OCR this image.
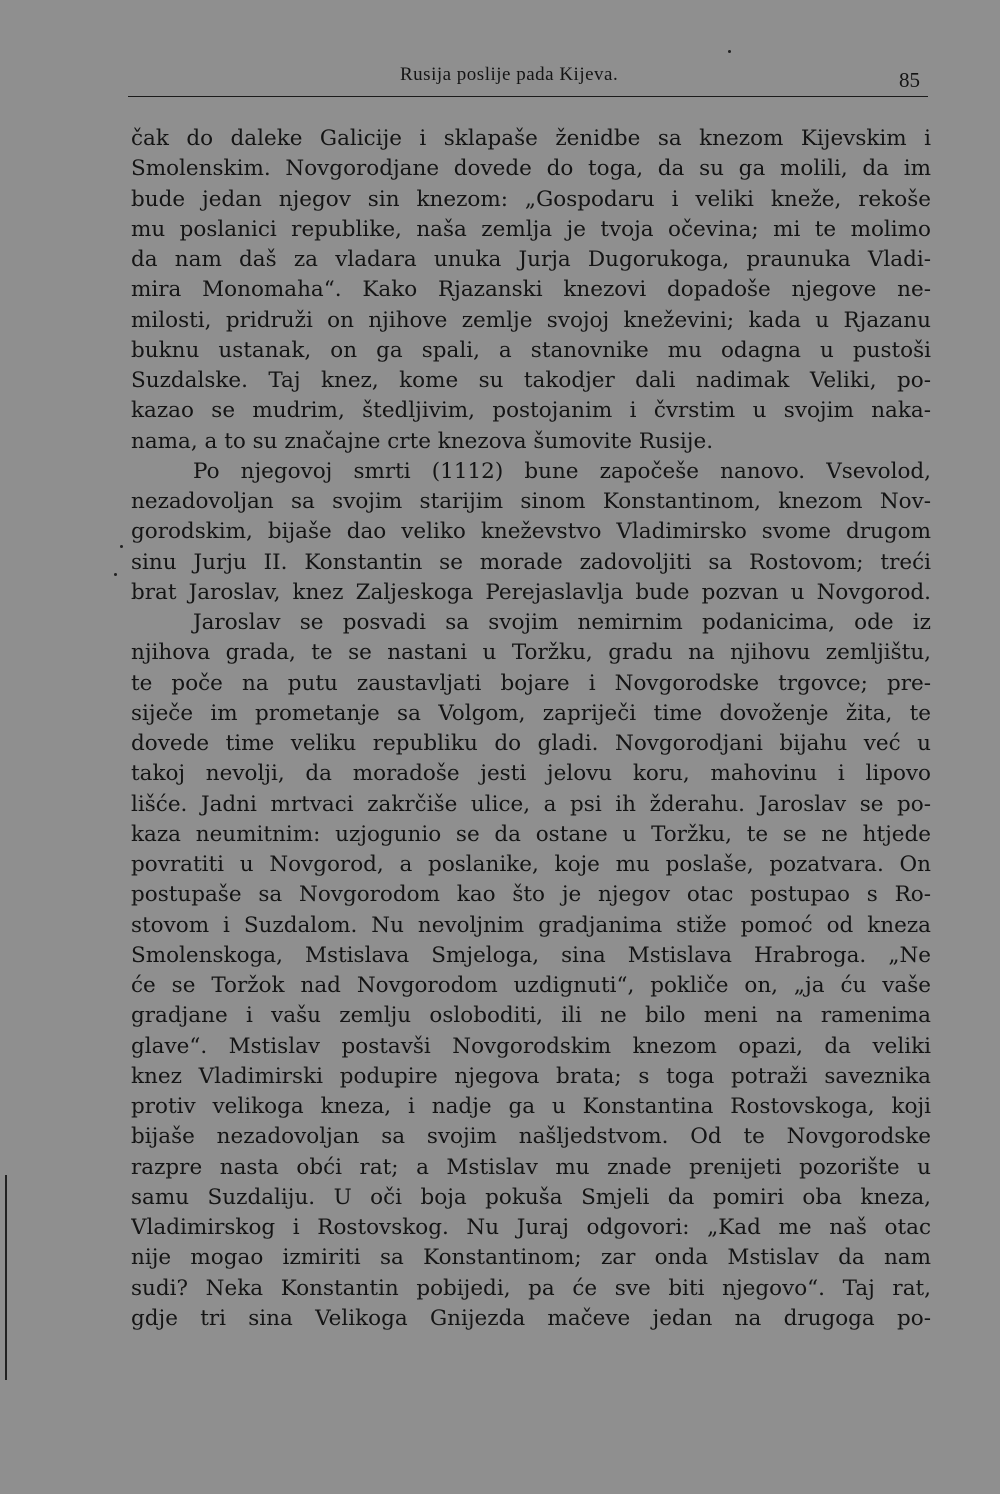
Rusija poslije pada Kijeva.	85
čak do daleke Galicije i sklapaše ženidbe sa knezom Kijevskim i
Smolenskim. Novgorodjane dovede do toga, da su ga molili, da im
bude jedan njegov sin knezom: „Gospodaru i veliki kneže, rekoše
mu poslanici republike, naša zemlja je tvoja očevina; mi te molimo
da nam daš za vladara unuka Jurja Dugorukoga, praunuka Vladi-
mira Monomaha“. Kako Rjazanski knezovi dopadoše njegove ne-
milosti, pridruži on njihove zemlje svojoj kneževini; kada u Rjazanu
buknu ustanak, on ga spali, a stanovnike mu odagna u pustoši
Suzdalske. Taj knez, kome su takodjer dali nadimak Veliki, po-
kazao se mudrim, štedljivim, postojanim i čvrstim u svojim naka-
nama, a to su značajne crte knezova šumovite Rusije.
Po njegovoj smrti (1112) bune započeše nanovo. Vsevolod,
nezadovoljan sa svojim starijim sinom Konstantinom, knezom Nov-
gorodskim, bijaše dao veliko kneževstvo Vladimirsko svome drugom
sinu Jurju II. Konstantin se morade zadovoljiti sa Rostovom; treći
brat Jaroslav, knez Zaljeskoga Perejaslavlja bude pozvan u Novgorod.
Jaroslav se posvadi sa svojim nemirnim podanicima, ode iz
njihova grada, te se nastani u Toržku, gradu na njihovu zemljištu,
te poče na putu zaustavljati bojare i Novgorodske trgovce; pre-
siječe im prometanje sa Volgom, zapriječi time dovoženje žita, te
dovede time veliku republiku do gladi. Novgorodjani bijahu već u
takoj nevolji, da moradoše jesti jelovu koru, mahovinu i lipovo
lišće. Jadni mrtvaci zakrčiše ulice, a psi ih žderahu. Jaroslav se po-
kaza neumitnim: uzjogunio se da ostane u Toržku, te se ne htjede
povratiti u Novgorod, a poslanike, koje mu poslaše, pozatvara. On
postupaše sa Novgorodom kao što je njegov otac postupao s Ro-
stovom i Suzdalom. Nu nevoljnim gradjanima stiže pomoć od kneza
Smolenskoga, Mstislava Smjeloga, sina Mstislava Hrabroga. „Ne
će se Toržok nad Novgorodom uzdignuti“, pokliče on, „ja ću vaše
gradjane i vašu zemlju osloboditi, ili ne bilo meni na ramenima
glave“. Mstislav postavši Novgorodskim knezom opazi, da veliki
knez Vladimirski podupire njegova brata; s toga potraži saveznika
protiv velikoga kneza, i nadje ga u Konstantina Rostovskoga, koji
bijaše nezadovoljan sa svojim našljedstvom. Od te Novgorodske
razpre nasta obći rat; a Mstislav mu znade prenijeti pozorište u
samu Suzdaliju. U oči boja pokuša Smjeli da pomiri oba kneza,
Vladimirskog i Rostovskog. Nu Juraj odgovori: „Kad me naš otac
nije mogao izmiriti sa Konstantinom; zar onda Mstislav da nam
sudi? Neka Konstantin pobijedi, pa će sve biti njegovo“. Taj rat,
gdje tri sina Velikoga Gnijezda mačeve jedan na drugoga po-
